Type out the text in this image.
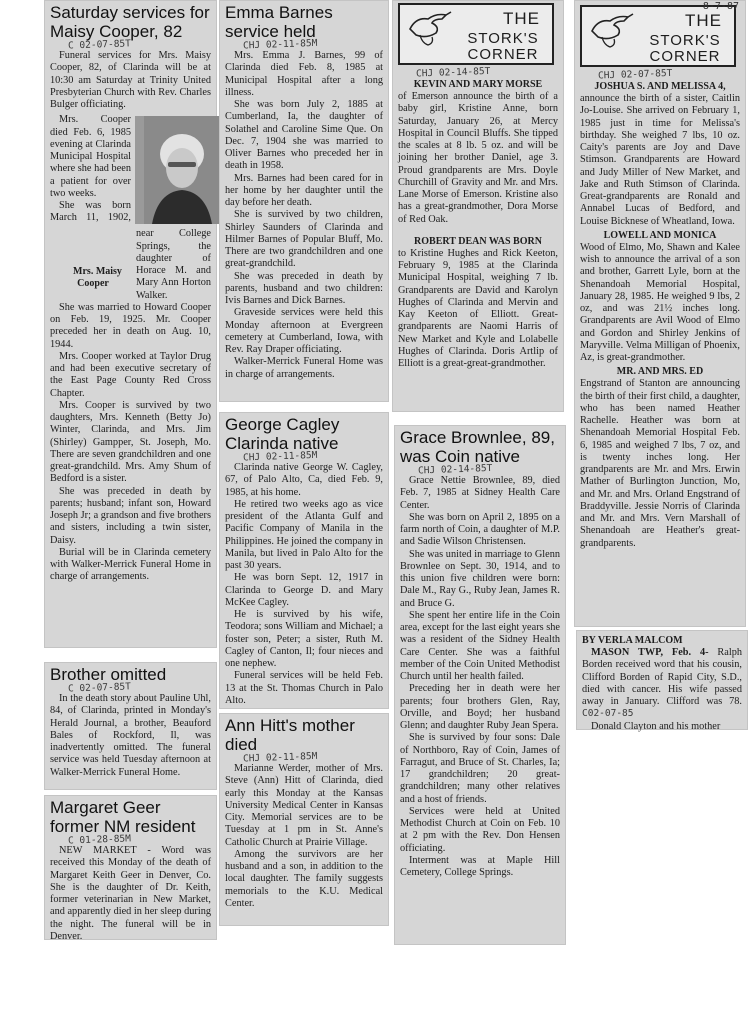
Saturday services for Maisy Cooper, 82
C 02-07-85T

Funeral services for Mrs. Maisy Cooper, 82, of Clarinda will be at 10:30 am Saturday at Trinity United Presbyterian Church with Rev. Charles Bulger officiating.

Mrs. Maisy Cooper

Mrs. Cooper died Feb. 6, 1985 evening at Clarinda Municipal Hospital where she had been a patient for over two weeks.

She was born March 11, 1902, near College Springs, the daughter of Horace M. and Mary Ann Horton Walker.

She was married to Howard Cooper on Feb. 19, 1925. Mr. Cooper preceded her in death on Aug. 10, 1944.

Mrs. Cooper worked at Taylor Drug and had been executive secretary of the East Page County Red Cross Chapter.

Mrs. Cooper is survived by two daughters, Mrs. Kenneth (Betty Jo) Winter, Clarinda, and Mrs. Jim (Shirley) Gampper, St. Joseph, Mo. There are seven grandchildren and one great-grandchild. Mrs. Amy Shum of Bedford is a sister.

She was preceded in death by parents; husband; infant son, Howard Joseph Jr; a grandson and five brothers and sisters, including a twin sister, Daisy.

Burial will be in Clarinda cemetery with Walker-Merrick Funeral Home in charge of arrangements.

Brother omitted
C 02-07-85T

In the death story about Pauline Uhl, 84, of Clarinda, printed in Monday's Herald Journal, a brother, Beauford Bales of Rockford, Il, was inadvertently omitted. The funeral service was held Tuesday afternoon at Walker-Merrick Funeral Home.

Margaret Geer former NM resident
C 01-28-85M

NEW MARKET - Word was received this Monday of the death of Margaret Keith Geer in Denver, Co. She is the daughter of Dr. Keith, former veterinarian in New Market, and apparently died in her sleep during the night. The funeral will be in Denver.

Emma Barnes service held
CHJ 02-11-85M

Mrs. Emma J. Barnes, 99 of Clarinda died Feb. 8, 1985 at Municipal Hospital after a long illness.

She was born July 2, 1885 at Cumberland, Ia, the daughter of Solathel and Caroline Sime Que. On Dec. 7, 1904 she was married to Oliver Barnes who preceded her in death in 1958.

Mrs. Barnes had been cared for in her home by her daughter until the day before her death.

She is survived by two children, Shirley Saunders of Clarinda and Hilmer Barnes of Popular Bluff, Mo. There are two grandchildren and one great-grandchild.

She was preceded in death by parents, husband and two children: Ivis Barnes and Dick Barnes.

Graveside services were held this Monday afternoon at Evergreen cemetery at Cumberland, Iowa, with Rev. Ray Draper officiating.

Walker-Merrick Funeral Home was in charge of arrangements.

George Cagley Clarinda native
CHJ 02-11-85M

Clarinda native George W. Cagley, 67, of Palo Alto, Ca, died Feb. 9, 1985, at his home.

He retired two weeks ago as vice president of the Atlanta Gulf and Pacific Company of Manila in the Philippines. He joined the company in Manila, but lived in Palo Alto for the past 30 years.

He was born Sept. 12, 1917 in Clarinda to George D. and Mary McKee Cagley.

He is survived by his wife, Teodora; sons William and Michael; a foster son, Peter; a sister, Ruth M. Cagley of Canton, Il; four nieces and one nephew.

Funeral services will be held Feb. 13 at the St. Thomas Church in Palo Alto.

Ann Hitt's mother died
CHJ 02-11-85M

Marianne Werder, mother of Mrs. Steve (Ann) Hitt of Clarinda, died early this Monday at the Kansas University Medical Center in Kansas City. Memorial services are to be Tuesday at 1 pm in St. Anne's Catholic Church at Prairie Village.

Among the survivors are her husband and a son, in addition to the local daughter. The family suggests memorials to the K.U. Medical Center.

THE
STORK'S CORNER
CHJ 02-14-85T
KEVIN AND MARY MORSE

of Emerson announce the birth of a baby girl, Kristine Anne, born Saturday, January 26, at Mercy Hospital in Council Bluffs. She tipped the scales at 8 lb. 5 oz. and will be joining her brother Daniel, age 3. Proud grandparents are Mrs. Doyle Churchill of Gravity and Mr. and Mrs. Lane Morse of Emerson. Kristine also has a great-grandmother, Dora Morse of Red Oak.

ROBERT DEAN WAS BORN

to Kristine Hughes and Rick Keeton, February 9, 1985 at the Clarinda Municipal Hospital, weighing 7 lb. Grandparents are David and Karolyn Hughes of Clarinda and Mervin and Kay Keeton of Elliott. Great-grandparents are Naomi Harris of New Market and Kyle and Lolabelle Hughes of Clarinda. Doris Artlip of Elliott is a great-great-grandmother.

Grace Brownlee, 89, was Coin native
CHJ 02-14-85T

Grace Nettie Brownlee, 89, died Feb. 7, 1985 at Sidney Health Care Center.

She was born on April 2, 1895 on a farm north of Coin, a daughter of M.P. and Sadie Wilson Christensen.

She was united in marriage to Glenn Brownlee on Sept. 30, 1914, and to this union five children were born: Dale M., Ray G., Ruby Jean, James R. and Bruce G.

She spent her entire life in the Coin area, except for the last eight years she was a resident of the Sidney Health Care Center. She was a faithful member of the Coin United Methodist Church until her health failed.

Preceding her in death were her parents; four brothers Glen, Ray, Orville, and Boyd; her husband Glenn; and daughter Ruby Jean Spera.

She is survived by four sons: Dale of Northboro, Ray of Coin, James of Farragut, and Bruce of St. Charles, Ia; 17 grandchildren; 20 great-grandchildren; many other relatives and a host of friends.

Services were held at United Methodist Church at Coin on Feb. 10 at 2 pm with the Rev. Don Hensen officiating.

Interment was at Maple Hill Cemetery, College Springs.

THE
STORK'S CORNER
8-7-87
CHJ 02-07-85T
JOSHUA S. AND MELISSA 4,

announce the birth of a sister, Caitlin Jo-Louise. She arrived on February 1, 1985 just in time for Melissa's birthday. She weighed 7 lbs, 10 oz. Caity's parents are Joy and Dave Stimson. Grandparents are Howard and Judy Miller of New Market, and Jake and Ruth Stimson of Clarinda. Great-grandparents are Ronald and Annabel Lucas of Bedford, and Louise Bicknese of Wheatland, Iowa.

LOWELL AND MONICA

Wood of Elmo, Mo, Shawn and Kalee wish to announce the arrival of a son and brother, Garrett Lyle, born at the Shenandoah Memorial Hospital, January 28, 1985. He weighed 9 lbs, 2 oz, and was 21½ inches long. Grandparents are Avil Wood of Elmo and Gordon and Shirley Jenkins of Maryville. Velma Milligan of Phoenix, Az, is great-grandmother.

MR. AND MRS. ED

Engstrand of Stanton are announcing the birth of their first child, a daughter, who has been named Heather Rachelle. Heather was born at Shenandoah Memorial Hospital Feb. 6, 1985 and weighed 7 lbs, 7 oz, and is twenty inches long. Her grandparents are Mr. and Mrs. Erwin Mather of Burlington Junction, Mo, and Mr. and Mrs. Orland Engstrand of Braddyville. Jessie Norris of Clarinda and Mr. and Mrs. Vern Marshall of Shenandoah are Heather's great-grandparents.

BY VERLA MALCOM

MASON TWP, Feb. 4- Ralph Borden received word that his cousin, Clifford Borden of Rapid City, S.D., died with cancer. His wife passed away in January. Clifford was 78. C02-07-85

Donald Clayton and his mother
